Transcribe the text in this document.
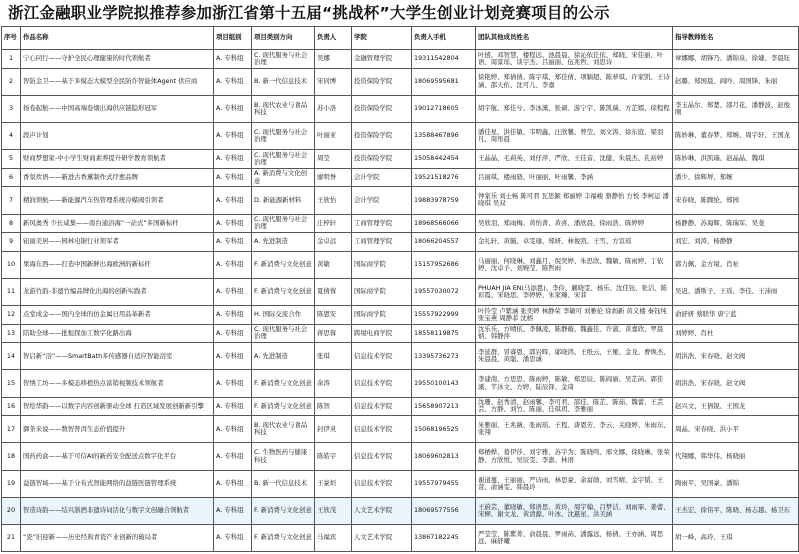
浙江金融职业学院拟推荐参加浙江省第十五届“挑战杯”大学生创业计划竞赛项目的公示
序号	作品名称	项目组别	项目类别方向	负责人	学院	负责人手机	团队其他成员姓名	指导教师姓名
1	宁心同行——守护全民心理健康的时代领航者	A. 专科组	C. 现代服务与社会治理	吴娜	金融管理学院	19311542804	叶僖、邓智慧、楼程远、池晨晨、徐沁依任依、郑晓、宋佳丽、叶语、周景瑶、谈宇杰、吕丽丽、伍兆哲、刘思诗	章娜娜、胡锋乃、潘锦泉、徐婕、李晨钰
2	智防金卫——基于多模态大模型全民防诈智能体Agent 供应商	A. 专科组	B. 新一代信息技术	宋同博	投资保险学院	18069595681	徐艳婷、郑倩倩、陈宇琪、郑佳倩、项颖超、陈萝琪、许家凯、王诗涵、邵天佑、沈可儿、李嘉	赵璐、郑国晨、阎吟、周国锋、朱丽
3	扬卷起航——中国高端卷烟出海供应链隐形冠军	A. 专科组	B. 现代农业与食品科技	苏小洛	投资保险学院	19012718605	胡宇航、郑佳兮、李冰溪、张硕、游宁宇、陈凯瑞、方芷嫣、徐程程	李玉晶尔、郑楚、邵月花、潘静波、赵俊刚
4	段声计划	A. 专科组	C. 现代服务与社会治理	叶丽亚	投资保险学院	13588467896	潘佳星、洪佳敏、韦明鑫、汪欣馨、曾莹、刘文涛、徐东庭、梁羽凡、周彤晨	陈妙琳、董春梦、郑婉、周宇轩、王国龙
5	财商梦想家-中小学生财商素养提升研学教育领航者	A. 专科组	C. 现代服务与社会治理	周莹	投资保险学院	15058442454	王晶晶、毛莉英、刘仔萍、严欣、王佳音、沈健、朱晨杰、孔裕婷	陈妙琳、洪凯瑞、赵晶晶、魏琪
6	香氛炊语——新进古香薰制作式疗愈品牌	A. 专科组	A. 新消费与文化创意	廖明誉	会计学院	19521518276	吕丽琪、楼雨骁、叶丽丽、叶雨馨、李涵	潘少、徐辉屏、郑婉
7	精润领航——新能源汽车热管理系统冷媒阀引领者	A. 专科组	D. 新能源新材料	王欣怡	会计学院	19883978759	钟家乐 刘士畅 陈可君 瓦思颖 郑丽婷 丰福峻 骆静怡 方悦 李柯运 潘晓琪 吴双	宋春晓、陈腾纶、郑园
8	新风奥秀 少长咸集——南台通浴海“一站式”多国新标杆	A. 专科组	C. 现代服务与社会治理	庄梓轩	工商管理学院	18968566066	吴欣羽、郑雨梅、黄怡菁、黄喜、潘欣晨、徐雨浩、陈婷婷	杨静静、苏海辉、陈瑞军、吴斐
9	铂丽美居——园林电锯行业领军者	A. 专科组	A. 先进制造	金卓远	工商管理学院	18066204557	金礼轩、黄毓、卓雯瑜、郑妍、林俊凯、王雪、方宣瑶	刘宏、刘涛、杨静静
10	果海东西——打造中国新鲜出海欧洲的新标杆	A. 专科组	F. 新消费与文化创意	黄敏	国际商学院	15157952686	马丽丽、何晓琳、刘鑫月、倪奕婷、朱思欣、魏敏、陈雨婷、丁依婷、沈卓予、刘婉莹、陈哲雨	郭力佩、金方境、肖祉
11	龙游竹韵-非遗竹编品牌化出海的创新实践者	A. 专科组	F. 新消费与文化创意	夏倩蓉	国际商学院	19557030072	PHUAH JIA EN(马添恩)、李伶、蒯晓雯、杨乐、沈佳钰、张洁、陈彩霞、宋晓思、李婷婷、朱家臻、宋菲	吴迟、潘斯子、王瑶、李佳、王沛雨
12	点堂成金——国内全球的仿金属日用品革新者	A. 专科组	H. 国际交流合作	陈恩安	国际商学院	15557922999	叶铃莹 卢紫涵 张奕婷 林静荣 李敏可 刘雅伦 徐刹新 黄义楼 秦钰纯 张宝燕 周静菲 沈榕	俞舒妍 蔡联华 唐宁蓝
13	陪助全球——批租探加工数字化路出海	A. 专科组	C. 现代服务与社会治理	蒋思蓉	跨境电商学院	18558119875	沈乐乐、方晴依、李佩凌、陈静璇、魏鑫佳、许淑、黄嘉欣、罗晨炳、韩静萍	刘婷婷、肖杜
14	智启新“浴”——SmartBath多传感器自适应智能浴室	A. 专科组	A. 先进制造	张琪	信息技术学院	13395736273	李延群、冒睿恩、郭岩晖、邬晓鸿、王纸云、王娅、金龙、曹焕杰、朱晨晨、黄聪、潘思诚	胡洪浩、宋春晓、赵文阀
15	智绣工坊——多模态移植热点富销视频技术领航者	A. 专科组	F. 新消费与文化创意	余涛	信息技术学院	19550100143	李建南、方思思、陈雨婷、陈敏、郑思辰、陈阎丽、吴芷菡、郭佳溪、芊沐文、方婷、陆辰铎、金琦	胡洪浩、宋春晓、赵文阀
16	智绘华韵——以数字内容创新驱动全球 打造区域发展创新新引擎	A. 专科组	F. 新消费与文化创意	陈智	信息技术学院	15658907213	沈珊、赵秀清、赵雨馨、李可君、邵佳、陈芷、陈茹、魏蕾、王芸芸、方静、刘竹、陈丽、任琪玥、李雅丽	赵兴文、王倩锐、王国龙
17	御茶来说——数智普洱生态价值提升	A. 专科组	B. 现代农业与食品科技	封伊灵	信息技术学院	15068196525	朱雅丽、王兆薇、张雨瑶、王程、唐恩芳、李云、关晓婷、朱雨东、张翔	周晶、宋春晓、洪小平
18	国药药盒——基于可信AI的新药安全配送点数字化平台	A. 专科组	C. 生物医药与健康科技	陈皓宇	信息技术学院	18069602813	郑栖桦、葛伊莎、刘宇雅、苏宇为、陈晓鸣、邢文娜、徐晓琳、张荣静、方欣悦、吴辰雯、李澎、林语	代翔娜、韩华伟、杨晓丽
19	益链智域——基于分布式智能网络的益链医链管理系统	A. 专科组	B. 新一代信息技术	王豪烜	信息技术学院	19557979455	谢道蔓、王丽丽、严诗雨、林思豪、余富勋、刘雪晴、金宇韬、王萱、俞涵雯、韩晨玲	陶雨平、吴国豪、潘锦
20	智造诗韵——结兴浙酒非遗诗词活化与数字文创融合领航者	A. 专科组	F. 新消费与文化创意	王欣茂	人文艺术学院	18069577556	王蔚芸、董晓敏、郑语思、黄玲、周宇翰、吕梦洁、刘雨霏、姜蕾、宋柳、谢文龙、黄清源、叶冰、沈慈星、洪美涵	王杰宏、徐伟平、陈晓、杨志越、杨卫东
21	“瓷”旧迎新——历史经典青瓷产业创新的破局者	A. 专科组	F. 新消费与文化创意	马福宾	人文艺术学院	13867182245	严莹莹、陈紫菁、俞晨晨、罗雨菡、潘露远、杨倩、王亦涵、周思远、麻舒曦	胡一峰、高玲、王琪
